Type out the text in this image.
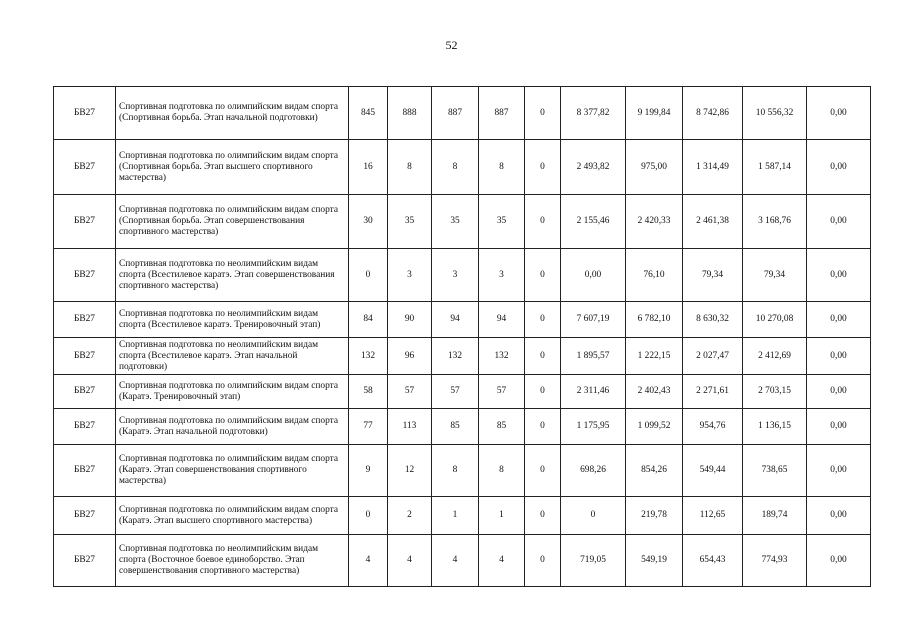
52
БВ27	Спортивная подготовка по олимпийским видам спорта (Спортивная борьба. Этап начальной подготовки)	845	888	887	887	0	8 377,82	9 199,84	8 742,86	10 556,32	0,00
БВ27	Спортивная подготовка по олимпийским видам спорта (Спортивная борьба. Этап высшего спортивного мастерства)	16	8	8	8	0	2 493,82	975,00	1 314,49	1 587,14	0,00
БВ27	Спортивная подготовка по олимпийским видам спорта (Спортивная борьба. Этап совершенствования спортивного мастерства)	30	35	35	35	0	2 155,46	2 420,33	2 461,38	3 168,76	0,00
БВ27	Спортивная подготовка по неолимпийским видам спорта (Всестилевое каратэ. Этап совершенствования спортивного мастерства)	0	3	3	3	0	0,00	76,10	79,34	79,34	0,00
БВ27	Спортивная подготовка по неолимпийским видам спорта (Всестилевое каратэ. Тренировочный этап)	84	90	94	94	0	7 607,19	6 782,10	8 630,32	10 270,08	0,00
БВ27	Спортивная подготовка по неолимпийским видам спорта (Всестилевое каратэ. Этап начальной подготовки)	132	96	132	132	0	1 895,57	1 222,15	2 027,47	2 412,69	0,00
БВ27	Спортивная подготовка по олимпийским видам спорта (Каратэ. Тренировочный этап)	58	57	57	57	0	2 311,46	2 402,43	2 271,61	2 703,15	0,00
БВ27	Спортивная подготовка по олимпийским видам спорта (Каратэ. Этап начальной подготовки)	77	113	85	85	0	1 175,95	1 099,52	954,76	1 136,15	0,00
БВ27	Спортивная подготовка по олимпийским видам спорта (Каратэ. Этап совершенствования спортивного мастерства)	9	12	8	8	0	698,26	854,26	549,44	738,65	0,00
БВ27	Спортивная подготовка по олимпийским видам спорта (Каратэ. Этап высшего спортивного мастерства)	0	2	1	1	0	0	219,78	112,65	189,74	0,00
БВ27	Спортивная подготовка по неолимпийским видам спорта (Восточное боевое единоборство. Этап совершенствования спортивного мастерства)	4	4	4	4	0	719,05	549,19	654,43	774,93	0,00
